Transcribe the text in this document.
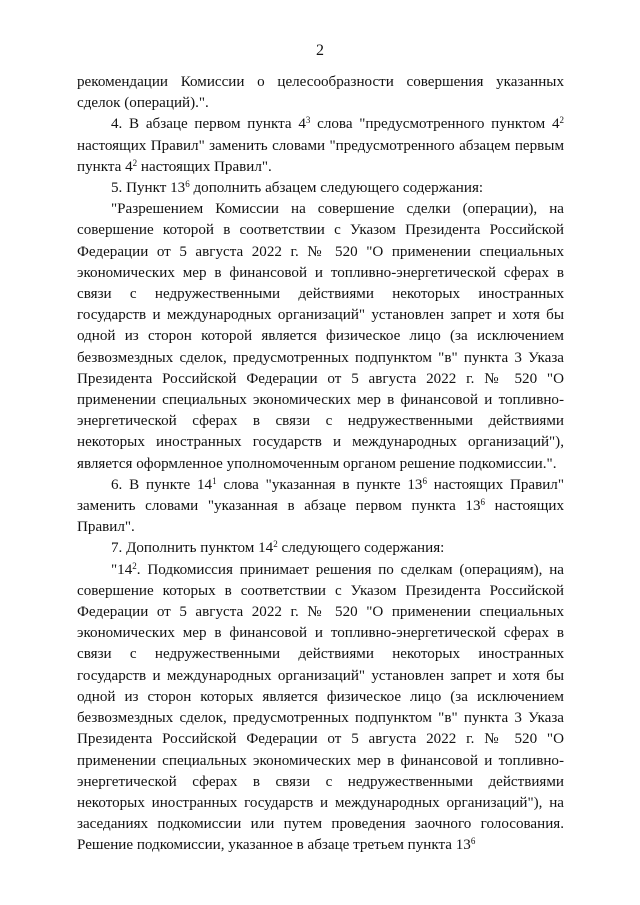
2

рекомендации Комиссии о целесообразности совершения указанных сделок (операций).".

4. В абзаце первом пункта $4^3$ слова "предусмотренного пунктом $4^2$ настоящих Правил" заменить словами "предусмотренного абзацем первым пункта $4^2$ настоящих Правил".

5. Пункт $13^6$ дополнить абзацем следующего содержания:

"Разрешением Комиссии на совершение сделки (операции), на совершение которой в соответствии с Указом Президента Российской Федерации от 5 августа 2022 г. № 520 "О применении специальных экономических мер в финансовой и топливно-энергетической сферах в связи с недружественными действиями некоторых иностранных государств и международных организаций" установлен запрет и хотя бы одной из сторон которой является физическое лицо (за исключением безвозмездных сделок, предусмотренных подпунктом "в" пункта 3 Указа Президента Российской Федерации от 5 августа 2022 г. № 520 "О применении специальных экономических мер в финансовой и топливно-энергетической сферах в связи с недружественными действиями некоторых иностранных государств и международных организаций"), является оформленное уполномоченным органом решение подкомиссии.".

6. В пункте $14^1$ слова "указанная в пункте $13^6$ настоящих Правил" заменить словами "указанная в абзаце первом пункта $13^6$ настоящих Правил".

7. Дополнить пунктом $14^2$ следующего содержания:

"$14^2$. Подкомиссия принимает решения по сделкам (операциям), на совершение которых в соответствии с Указом Президента Российской Федерации от 5 августа 2022 г. № 520 "О применении специальных экономических мер в финансовой и топливно-энергетической сферах в связи с недружественными действиями некоторых иностранных государств и международных организаций" установлен запрет и хотя бы одной из сторон которых является физическое лицо (за исключением безвозмездных сделок, предусмотренных подпунктом "в" пункта 3 Указа Президента Российской Федерации от 5 августа 2022 г. № 520 "О применении специальных экономических мер в финансовой и топливно-энергетической сферах в связи с недружественными действиями некоторых иностранных государств и международных организаций"), на заседаниях подкомиссии или путем проведения заочного голосования. Решение подкомиссии, указанное в абзаце третьем пункта $13^6$
